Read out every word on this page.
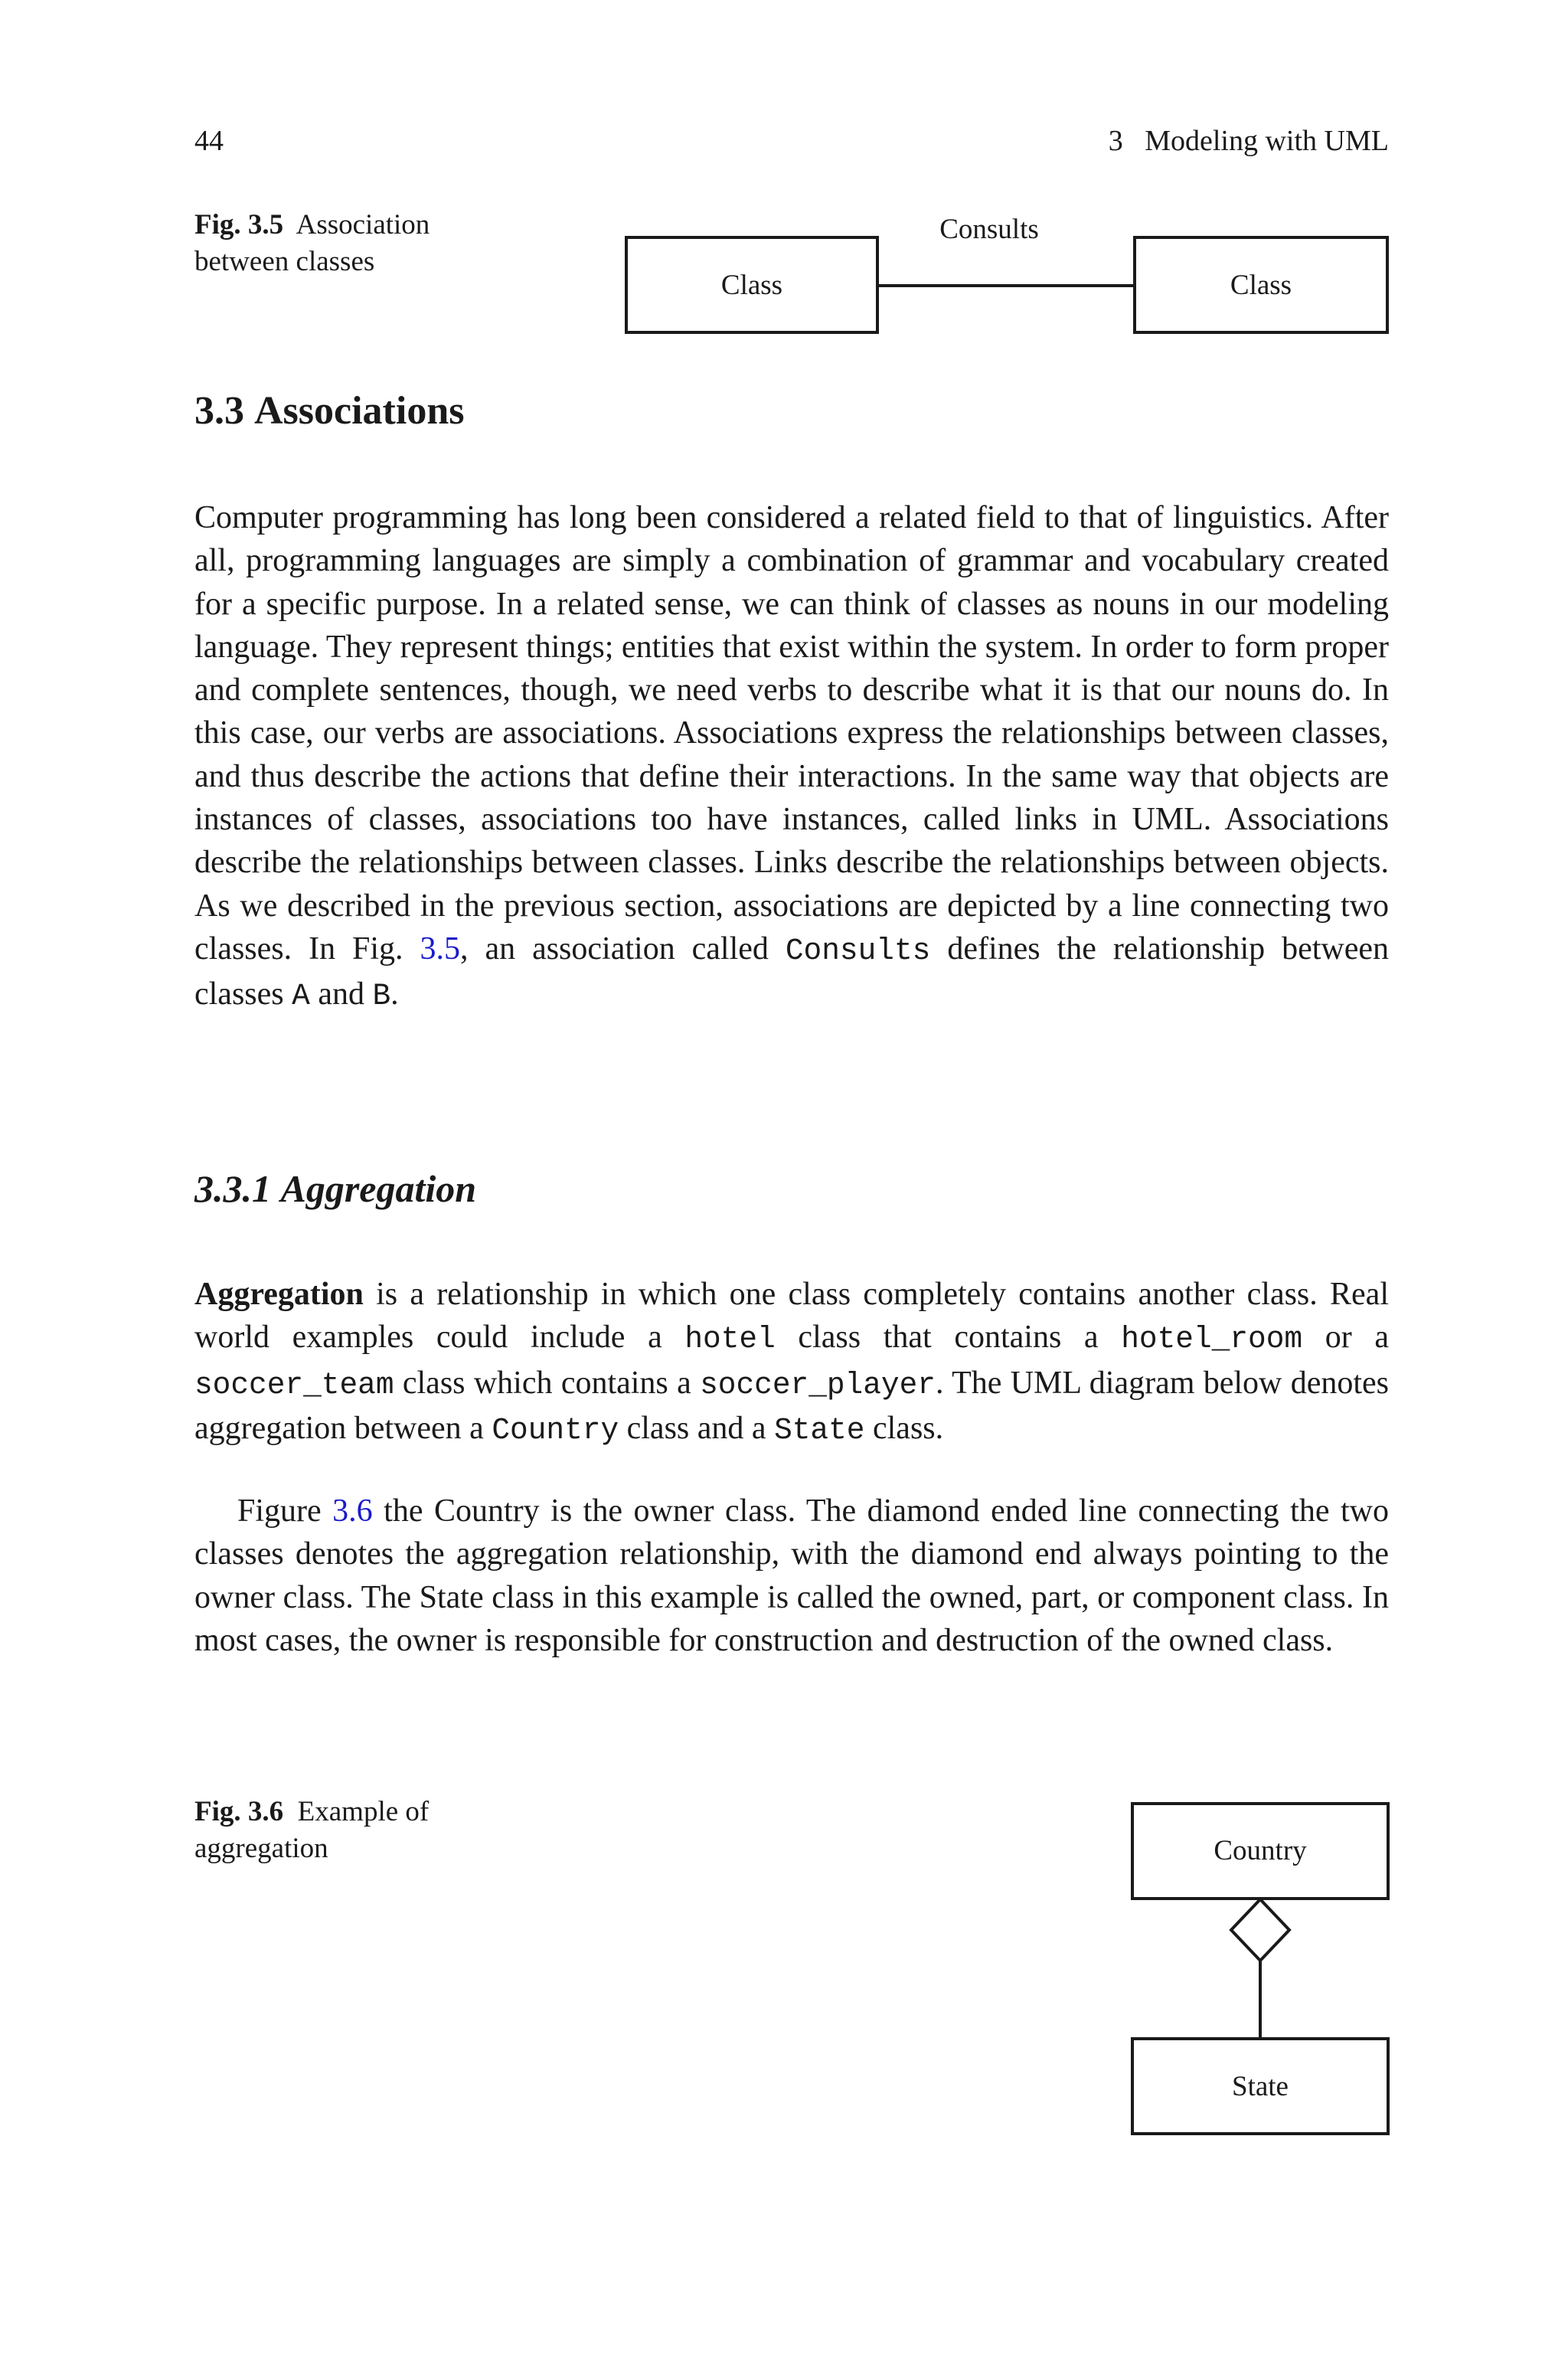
44	3   Modeling with UML
Fig. 3.5 Association between classes
Consults
Class	Class
3.3 Associations

Computer programming has long been considered a related field to that of linguistics. After all, programming languages are simply a combination of grammar and vocabulary created for a specific purpose. In a related sense, we can think of classes as nouns in our modeling language. They represent things; entities that exist within the system. In order to form proper and complete sentences, though, we need verbs to describe what it is that our nouns do. In this case, our verbs are associations. Associations express the relationships between classes, and thus describe the actions that define their interactions. In the same way that objects are instances of classes, associations too have instances, called links in UML. Associations describe the relationships between classes. Links describe the relationships between objects. As we described in the previous section, associations are depicted by a line connecting two classes. In Fig. 3.5, an association called Consults defines the relationship between classes A and B.

3.3.1 Aggregation

Aggregation is a relationship in which one class completely contains another class. Real world examples could include a hotel class that contains a hotel_room or a soccer_team class which contains a soccer_player. The UML diagram below denotes aggregation between a Country class and a State class.

Figure 3.6 the Country is the owner class. The diamond ended line connecting the two classes denotes the aggregation relationship, with the diamond end always pointing to the owner class. The State class in this example is called the owned, part, or component class. In most cases, the owner is responsible for construction and destruction of the owned class.

Fig. 3.6 Example of aggregation	Country
State
